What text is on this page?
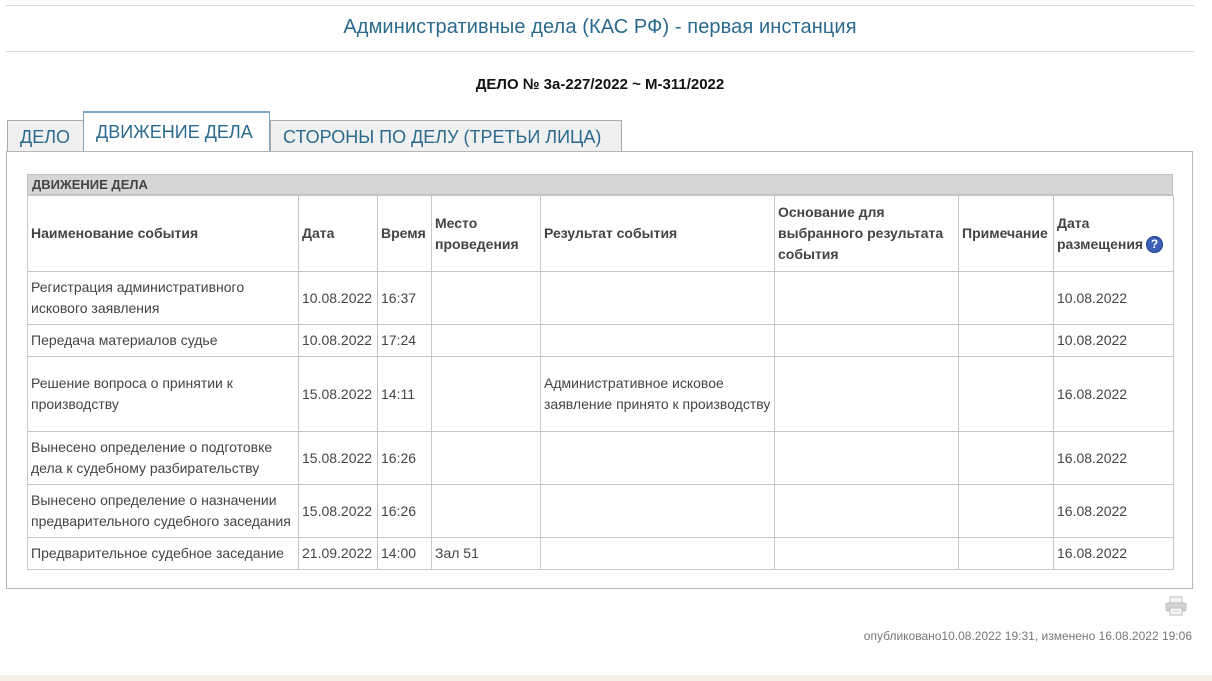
Административные дела (КАС РФ) - первая инстанция
ДЕЛО № 3а-227/2022 ~ М-311/2022
ДЕЛО	ДВИЖЕНИЕ ДЕЛА	СТОРОНЫ ПО ДЕЛУ (ТРЕТЬИ ЛИЦА)
ДВИЖЕНИЕ ДЕЛА
Наименование события	Дата	Время	Место проведения	Результат события	Основание для выбранного результата события	Примечание	Дата размещения ?
Регистрация административного искового заявления	10.08.2022	16:37					10.08.2022
Передача материалов судье	10.08.2022	17:24					10.08.2022
Решение вопроса о принятии к производству	15.08.2022	14:11		Административное исковое заявление принято к производству			16.08.2022
Вынесено определение о подготовке дела к судебному разбирательству	15.08.2022	16:26					16.08.2022
Вынесено определение о назначении предварительного судебного заседания	15.08.2022	16:26					16.08.2022
Предварительное судебное заседание	21.09.2022	14:00	Зал 51				16.08.2022
опубликовано10.08.2022 19:31, изменено 16.08.2022 19:06
